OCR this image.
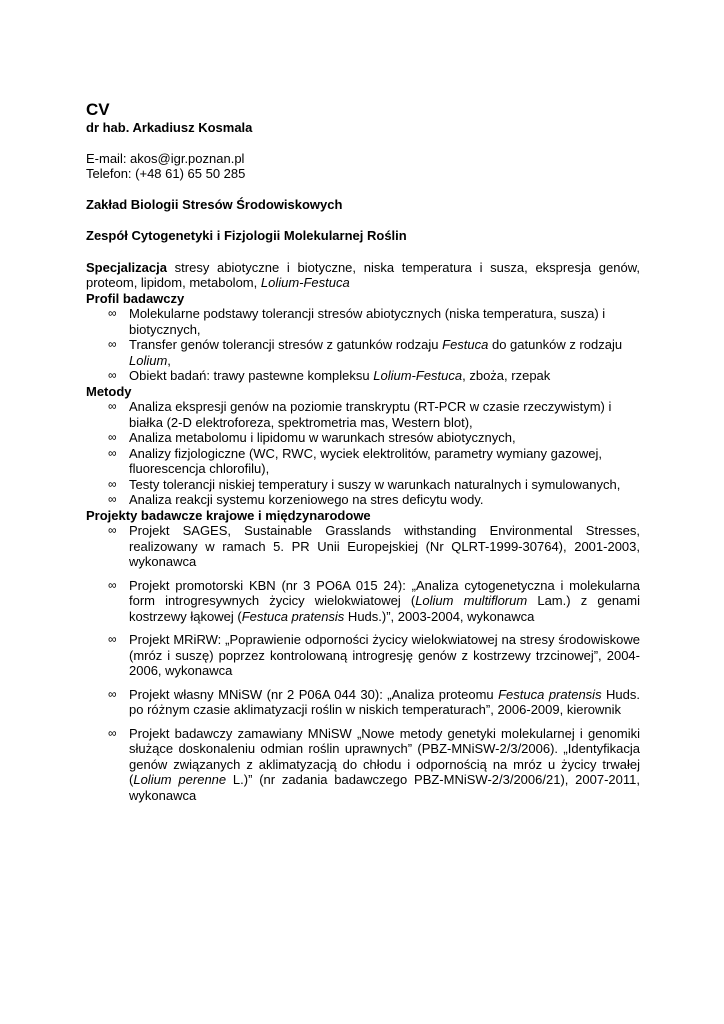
CV

dr hab. Arkadiusz Kosmala

E-mail: akos@igr.poznan.pl

Telefon: (+48 61) 65 50 285

Zakład Biologii Stresów Środowiskowych

Zespół Cytogenetyki i Fizjologii Molekularnej Roślin

Specjalizacja stresy abiotyczne i biotyczne, niska temperatura i susza, ekspresja genów, proteom, lipidom, metabolom, Lolium-Festuca

Profil badawczy

∞ Molekularne podstawy tolerancji stresów abiotycznych (niska temperatura, susza) i biotycznych,
∞ Transfer genów tolerancji stresów z gatunków rodzaju Festuca do gatunków z rodzaju Lolium,
∞ Obiekt badań: trawy pastewne kompleksu Lolium-Festuca, zboża, rzepak

Metody

∞ Analiza ekspresji genów na poziomie transkryptu (RT-PCR w czasie rzeczywistym) i białka (2-D elektroforeza, spektrometria mas, Western blot),
∞ Analiza metabolomu i lipidomu w warunkach stresów abiotycznych,
∞ Analizy fizjologiczne (WC, RWC, wyciek elektrolitów, parametry wymiany gazowej, fluorescencja chlorofilu),
∞ Testy tolerancji niskiej temperatury i suszy w warunkach naturalnych i symulowanych,
∞ Analiza reakcji systemu korzeniowego na stres deficytu wody.

Projekty badawcze krajowe i międzynarodowe

∞ Projekt SAGES, Sustainable Grasslands withstanding Environmental Stresses, realizowany w ramach 5. PR Unii Europejskiej (Nr QLRT-1999-30764), 2001-2003, wykonawca
∞ Projekt promotorski KBN (nr 3 PO6A 015 24): „Analiza cytogenetyczna i molekularna form introgresywnych życicy wielokwiatowej (Lolium multiflorum Lam.) z genami kostrzewy łąkowej (Festuca pratensis Huds.)”, 2003-2004, wykonawca
∞ Projekt MRiRW: „Poprawienie odporności życicy wielokwiatowej na stresy środowiskowe (mróz i suszę) poprzez kontrolowaną introgresję genów z kostrzewy trzcinowej”, 2004-2006, wykonawca
∞ Projekt własny MNiSW (nr 2 P06A 044 30): „Analiza proteomu Festuca pratensis Huds. po różnym czasie aklimatyzacji roślin w niskich temperaturach”, 2006-2009, kierownik
∞ Projekt badawczy zamawiany MNiSW „Nowe metody genetyki molekularnej i genomiki służące doskonaleniu odmian roślin uprawnych” (PBZ-MNiSW-2/3/2006). „Identyfikacja genów związanych z aklimatyzacją do chłodu i odpornością na mróz u życicy trwałej (Lolium perenne L.)” (nr zadania badawczego PBZ-MNiSW-2/3/2006/21), 2007-2011, wykonawca
